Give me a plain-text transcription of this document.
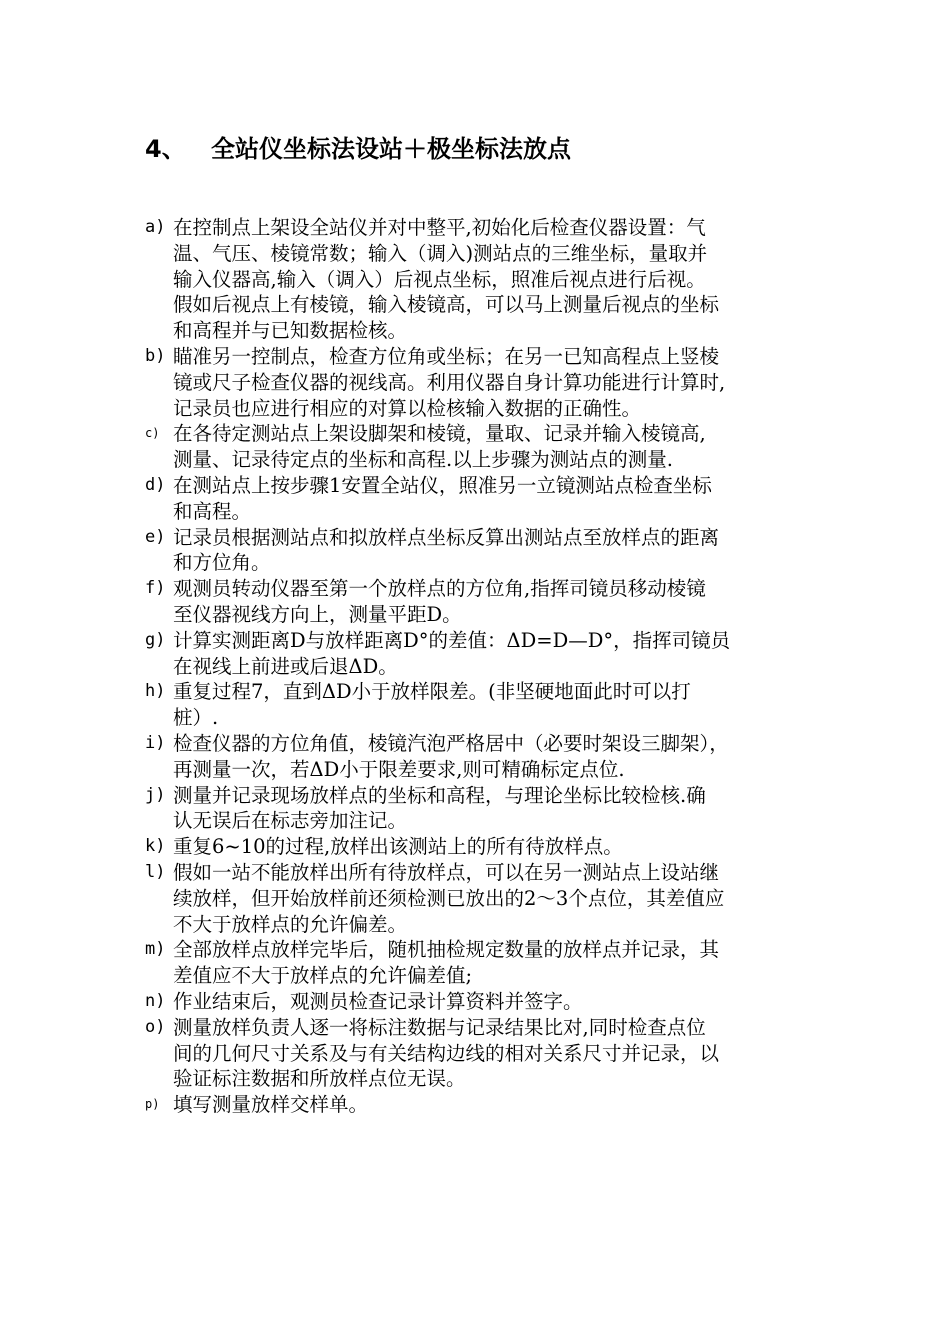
4、 全站仪坐标法设站＋极坐标法放点
a) 在控制点上架设全站仪并对中整平,初始化后检查仪器设置：气
温、气压、棱镜常数；输入（调入)测站点的三维坐标，量取并
输入仪器高,输入（调入）后视点坐标，照准后视点进行后视。
假如后视点上有棱镜，输入棱镜高，可以马上测量后视点的坐标
和高程并与已知数据检核。
b) 瞄准另一控制点，检查方位角或坐标；在另一已知高程点上竖棱
镜或尺子检查仪器的视线高。利用仪器自身计算功能进行计算时,
记录员也应进行相应的对算以检核输入数据的正确性。
c) 在各待定测站点上架设脚架和棱镜，量取、记录并输入棱镜高,
测量、记录待定点的坐标和高程.以上步骤为测站点的测量.
d) 在测站点上按步骤1安置全站仪，照准另一立镜测站点检查坐标
和高程。
e) 记录员根据测站点和拟放样点坐标反算出测站点至放样点的距离
和方位角。
f) 观测员转动仪器至第一个放样点的方位角,指挥司镜员移动棱镜
至仪器视线方向上，测量平距D。
g) 计算实测距离D与放样距离D°的差值：ΔD=D—D°，指挥司镜员
在视线上前进或后退ΔD。
h) 重复过程7，直到ΔD小于放样限差。(非坚硬地面此时可以打
桩）.
i) 检查仪器的方位角值，棱镜汽泡严格居中（必要时架设三脚架），
再测量一次，若ΔD小于限差要求,则可精确标定点位.
j) 测量并记录现场放样点的坐标和高程，与理论坐标比较检核.确
认无误后在标志旁加注记。
k) 重复6~10的过程,放样出该测站上的所有待放样点。
l) 假如一站不能放样出所有待放样点，可以在另一测站点上设站继
续放样，但开始放样前还须检测已放出的2～3个点位，其差值应
不大于放样点的允许偏差。
m) 全部放样点放样完毕后，随机抽检规定数量的放样点并记录，其
差值应不大于放样点的允许偏差值;
n) 作业结束后，观测员检查记录计算资料并签字。
o) 测量放样负责人逐一将标注数据与记录结果比对,同时检查点位
间的几何尺寸关系及与有关结构边线的相对关系尺寸并记录，以
验证标注数据和所放样点位无误。
p) 填写测量放样交样单。
